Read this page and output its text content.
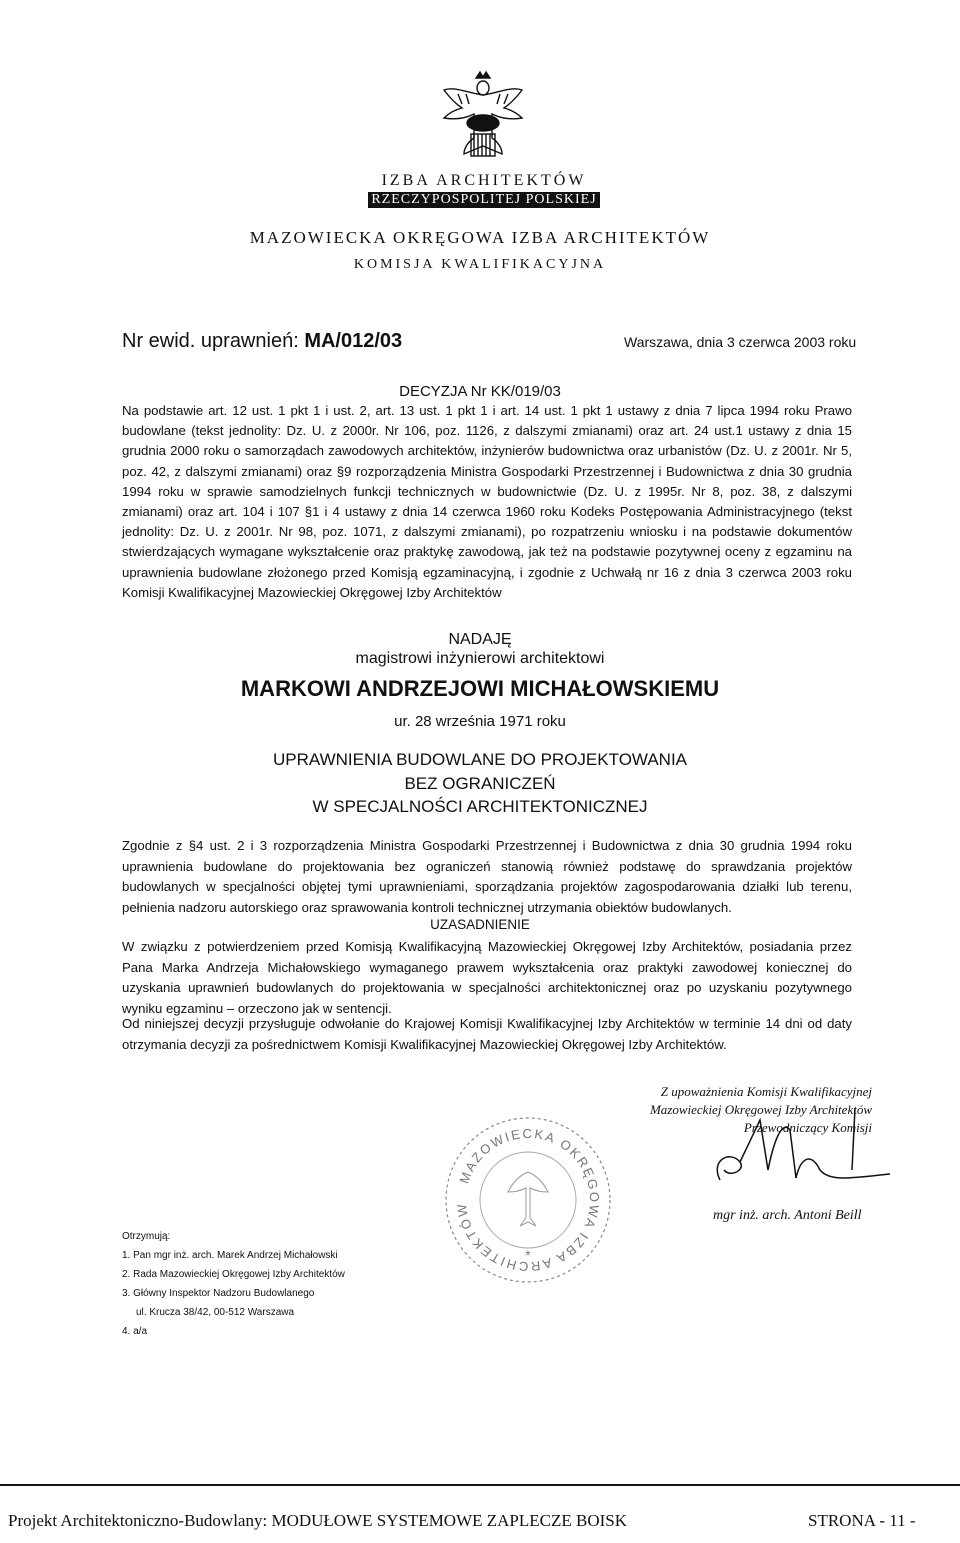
IZBA ARCHITEKTÓW
RZECZYPOSPOLITEJ POLSKIEJ
MAZOWIECKA OKRĘGOWA IZBA ARCHITEKTÓW
KOMISJA KWALIFIKACYJNA
Nr ewid. uprawnień: MA/012/03	Warszawa, dnia 3 czerwca 2003 roku
DECYZJA Nr KK/019/03
Na podstawie art. 12 ust. 1 pkt 1 i ust. 2, art. 13 ust. 1 pkt 1 i art. 14 ust. 1 pkt 1 ustawy z dnia 7 lipca 1994 roku Prawo budowlane (tekst jednolity: Dz. U. z 2000r. Nr 106, poz. 1126, z dalszymi zmianami) oraz art. 24 ust.1 ustawy z dnia 15 grudnia 2000 roku o samorządach zawodowych architektów, inżynierów budownictwa oraz urbanistów (Dz. U. z 2001r. Nr 5, poz. 42, z dalszymi zmianami) oraz §9 rozporządzenia Ministra Gospodarki Przestrzennej i Budownictwa z dnia 30 grudnia 1994 roku w sprawie samodzielnych funkcji technicznych w budownictwie (Dz. U. z 1995r. Nr 8, poz. 38, z dalszymi zmianami) oraz art. 104 i 107 §1 i 4 ustawy z dnia 14 czerwca 1960 roku Kodeks Postępowania Administracyjnego (tekst jednolity: Dz. U. z 2001r. Nr 98, poz. 1071, z dalszymi zmianami), po rozpatrzeniu wniosku i na podstawie dokumentów stwierdzających wymagane wykształcenie oraz praktykę zawodową, jak też na podstawie pozytywnej oceny z egzaminu na uprawnienia budowlane złożonego przed Komisją egzaminacyjną, i zgodnie z Uchwałą nr 16 z dnia 3 czerwca 2003 roku Komisji Kwalifikacyjnej Mazowieckiej Okręgowej Izby Architektów
NADAJĘ
magistrowi inżynierowi architektowi
MARKOWI ANDRZEJOWI MICHAŁOWSKIEMU
ur. 28 września 1971 roku
UPRAWNIENIA BUDOWLANE DO PROJEKTOWANIA
BEZ OGRANICZEŃ
W SPECJALNOŚCI ARCHITEKTONICZNEJ
Zgodnie z §4 ust. 2 i 3 rozporządzenia Ministra Gospodarki Przestrzennej i Budownictwa z dnia 30 grudnia 1994 roku uprawnienia budowlane do projektowania bez ograniczeń stanowią również podstawę do sprawdzania projektów budowlanych w specjalności objętej tymi uprawnieniami, sporządzania projektów zagospodarowania działki lub terenu, pełnienia nadzoru autorskiego oraz sprawowania kontroli technicznej utrzymania obiektów budowlanych.
UZASADNIENIE
W związku z potwierdzeniem przed Komisją Kwalifikacyjną Mazowieckiej Okręgowej Izby Architektów, posiadania przez Pana Marka Andrzeja Michałowskiego wymaganego prawem wykształcenia oraz praktyki zawodowej koniecznej do uzyskania uprawnień budowlanych do projektowania w specjalności architektonicznej oraz po uzyskaniu pozytywnego wyniku egzaminu – orzeczono jak w sentencji.
Od niniejszej decyzji przysługuje odwołanie do Krajowej Komisji Kwalifikacyjnej Izby Architektów w terminie 14 dni od daty otrzymania decyzji za pośrednictwem Komisji Kwalifikacyjnej Mazowieckiej Okręgowej Izby Architektów.
MAZOWIECKA OKRĘGOWA IZBA ARCHITEKTÓW
*
Z upoważnienia Komisji Kwalifikacyjnej
Mazowieckiej Okręgowej Izby Architektów
Przewodniczący Komisji
mgr inż. arch. Antoni Beill
Otrzymują:
1. Pan mgr inż. arch. Marek Andrzej Michałowski
2. Rada Mazowieckiej Okręgowej Izby Architektów
3. Główny Inspektor Nadzoru Budowlanego
ul. Krucza 38/42, 00-512 Warszawa
4. a/a
Projekt Architektoniczno-Budowlany: MODUŁOWE SYSTEMOWE ZAPLECZE BOISK	STRONA - 11 -
